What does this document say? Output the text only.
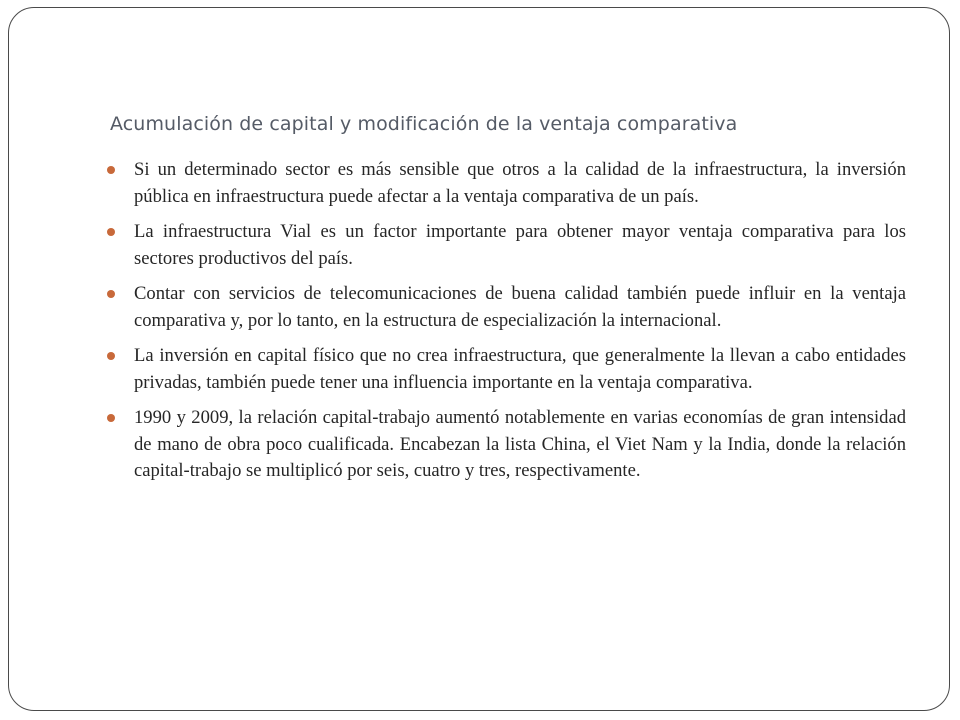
Acumulación de capital y modificación de la ventaja comparativa
Si un determinado sector es más sensible que otros a la calidad de la infraestructura, la inversión pública en infraestructura puede afectar a la ventaja comparativa de un país.
La infraestructura Vial es un factor importante para obtener mayor ventaja comparativa para los sectores productivos del país.
Contar con servicios de telecomunicaciones de buena calidad también puede influir en la ventaja comparativa y, por lo tanto, en la estructura de especialización la internacional.
La inversión en capital físico que no crea infraestructura, que generalmente la llevan a cabo entidades privadas, también puede tener una influencia importante en la ventaja comparativa.
1990 y 2009, la relación capital-trabajo aumentó notablemente en varias economías de gran intensidad de mano de obra poco cualificada. Encabezan la lista China, el Viet Nam y la India, donde la relación capital-trabajo se multiplicó por seis, cuatro y tres, respectivamente.
